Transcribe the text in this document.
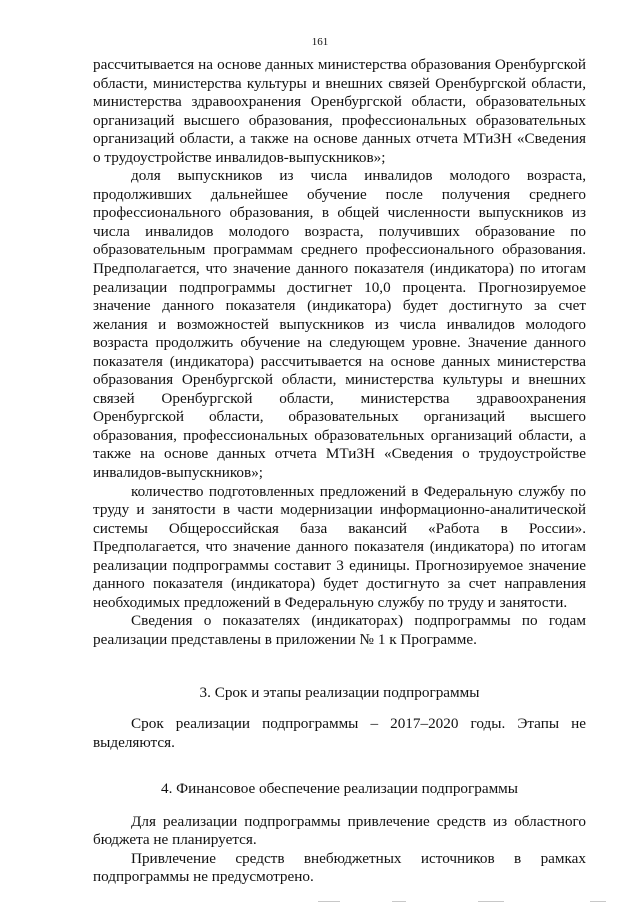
161

рассчитывается на основе данных министерства образования Оренбургской области, министерства культуры и внешних связей Оренбургской области, министерства здравоохранения Оренбургской области, образовательных организаций высшего образования, профессиональных образовательных организаций области, а также на основе данных отчета МТиЗН «Сведения о трудоустройстве инвалидов-выпускников»;

доля выпускников из числа инвалидов молодого возраста, продолживших дальнейшее обучение после получения среднего профессионального образования, в общей численности выпускников из числа инвалидов молодого возраста, получивших образование по образовательным программам среднего профессионального образования. Предполагается, что значение данного показателя (индикатора) по итогам реализации подпрограммы достигнет 10,0 процента. Прогнозируемое значение данного показателя (индикатора) будет достигнуто за счет желания и возможностей выпускников из числа инвалидов молодого возраста продолжить обучение на следующем уровне. Значение данного показателя (индикатора) рассчитывается на основе данных министерства образования Оренбургской области, министерства культуры и внешних связей Оренбургской области, министерства здравоохранения Оренбургской области, образовательных организаций высшего образования, профессиональных образовательных организаций области, а также на основе данных отчета МТиЗН «Сведения о трудоустройстве инвалидов-выпускников»;

количество подготовленных предложений в Федеральную службу по труду и занятости в части модернизации информационно-аналитической системы Общероссийская база вакансий «Работа в России». Предполагается, что значение данного показателя (индикатора) по итогам реализации подпрограммы составит 3 единицы. Прогнозируемое значение данного показателя (индикатора) будет достигнуто за счет направления необходимых предложений в Федеральную службу по труду и занятости.

Сведения о показателях (индикаторах) подпрограммы по годам реализации представлены в приложении № 1 к Программе.

3. Срок и этапы реализации подпрограммы

Срок реализации подпрограммы – 2017–2020 годы. Этапы не выделяются.

4. Финансовое обеспечение реализации подпрограммы

Для реализации подпрограммы привлечение средств из областного бюджета не планируется.

Привлечение средств внебюджетных источников в рамках подпрограммы не предусмотрено.
